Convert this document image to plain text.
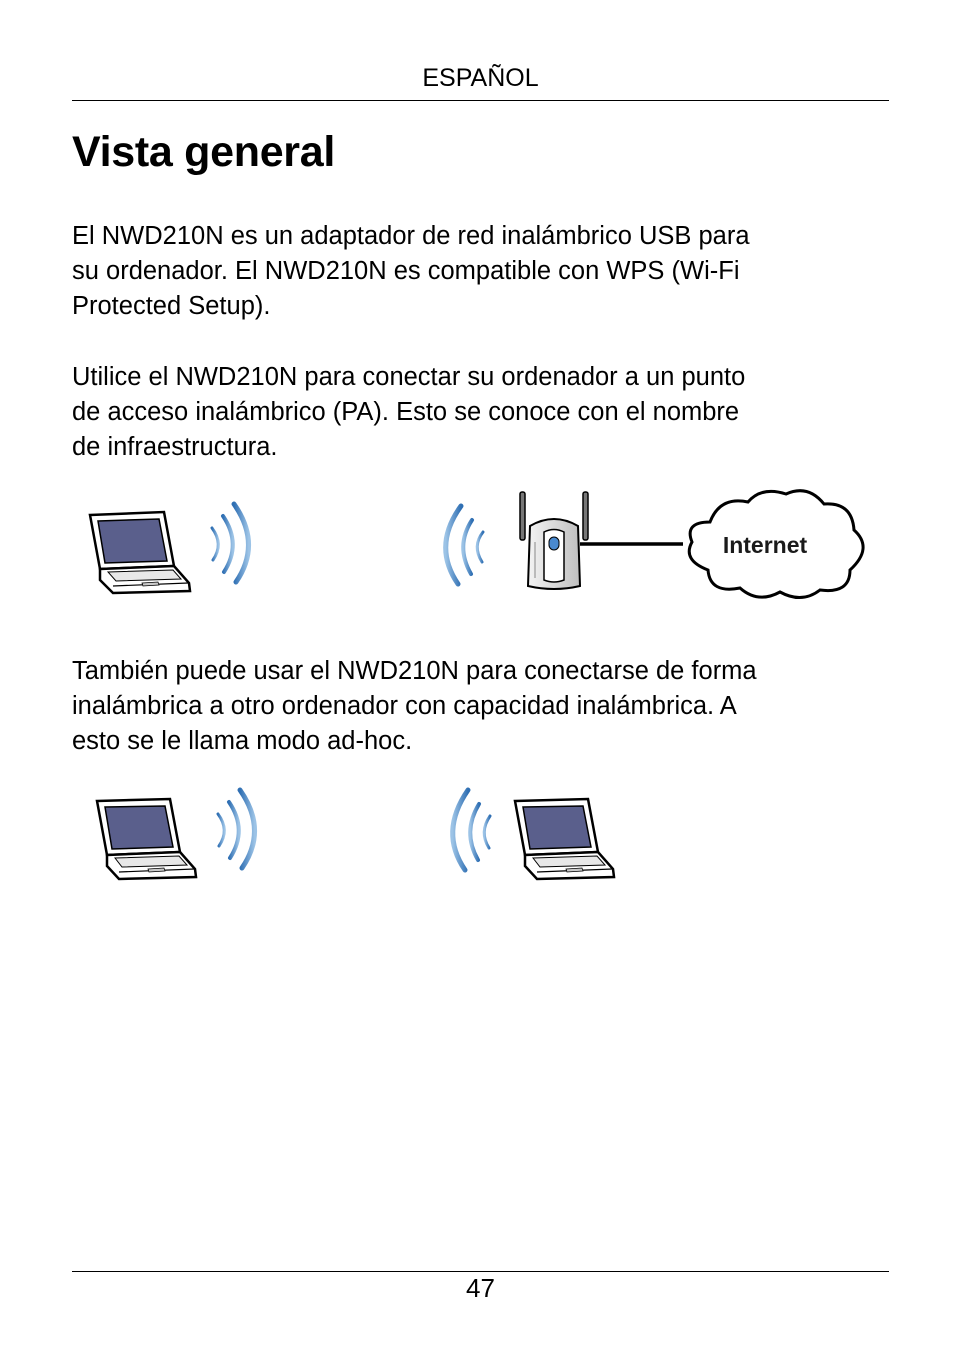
ESPAÑOL
Vista general

El NWD210N es un adaptador de red inalámbrico USB para
su ordenador. El NWD210N es compatible con WPS (Wi-Fi
Protected Setup).

Utilice el NWD210N para conectar su ordenador a un punto
de acceso inalámbrico (PA). Esto se conoce con el nombre
de infraestructura.

Internet

También puede usar el NWD210N para conectarse de forma
inalámbrica a otro ordenador con capacidad inalámbrica. A
esto se le llama modo ad-hoc.

47
